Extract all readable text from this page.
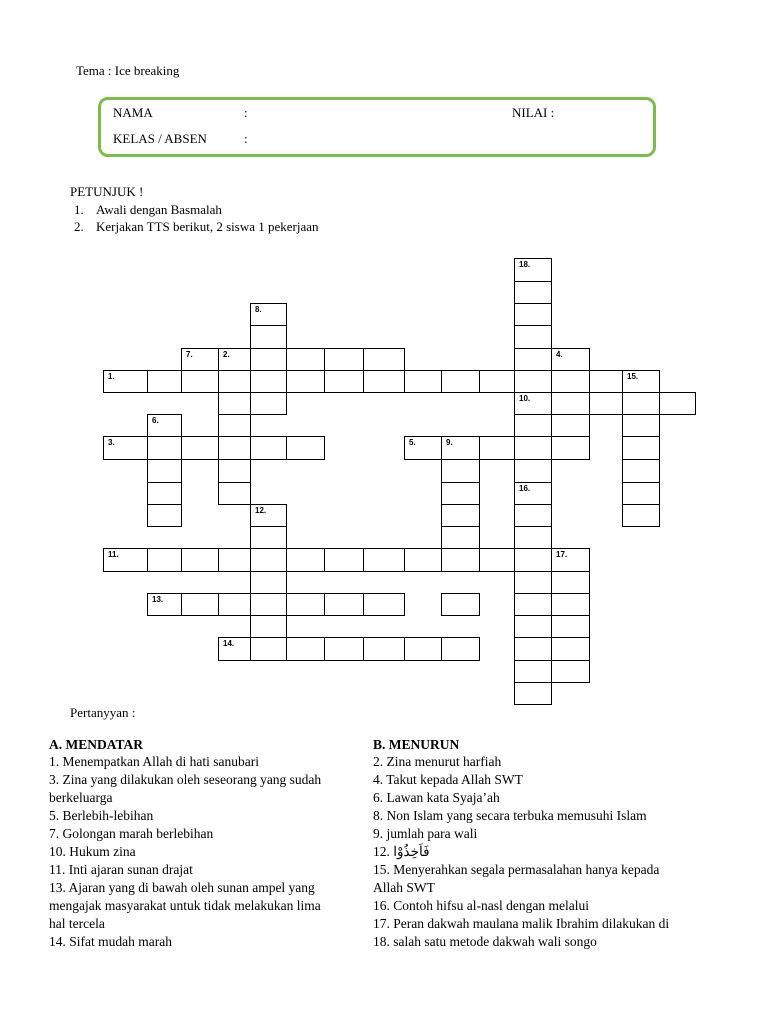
Tema : Ice breaking
NAMA	:	NILAI :
KELAS / ABSEN	:
PETUNJUK !
1. Awali dengan Basmalah
2. Kerjakan TTS berikut, 2 siswa 1 pekerjaan
18.
8.
7.	2.	4.
1.	15.
10.
6.
3.	5.	9.
16.
12.
11.	17.
13.
14.
Pertanyyan :
A. MENDATAR
1. Menempatkan Allah di hati sanubari
3. Zina yang dilakukan oleh seseorang yang sudah
berkeluarga
5. Berlebih-lebihan
7. Golongan marah berlebihan
10. Hukum zina
11. Inti ajaran sunan drajat
13. Ajaran yang di bawah oleh sunan ampel yang
mengajak masyarakat untuk tidak melakukan lima
hal tercela
14. Sifat mudah marah
B. MENURUN
2. Zina menurut harfiah
4. Takut kepada Allah SWT
6. Lawan kata Syaja’ah
8. Non Islam yang secara terbuka memusuhi Islam
9. jumlah para wali
12. فَاَخِذُوْا
15. Menyerahkan segala permasalahan hanya kepada
Allah SWT
16. Contoh hifsu al-nasl dengan melalui
17. Peran dakwah maulana malik Ibrahim dilakukan di
18. salah satu metode dakwah wali songo
